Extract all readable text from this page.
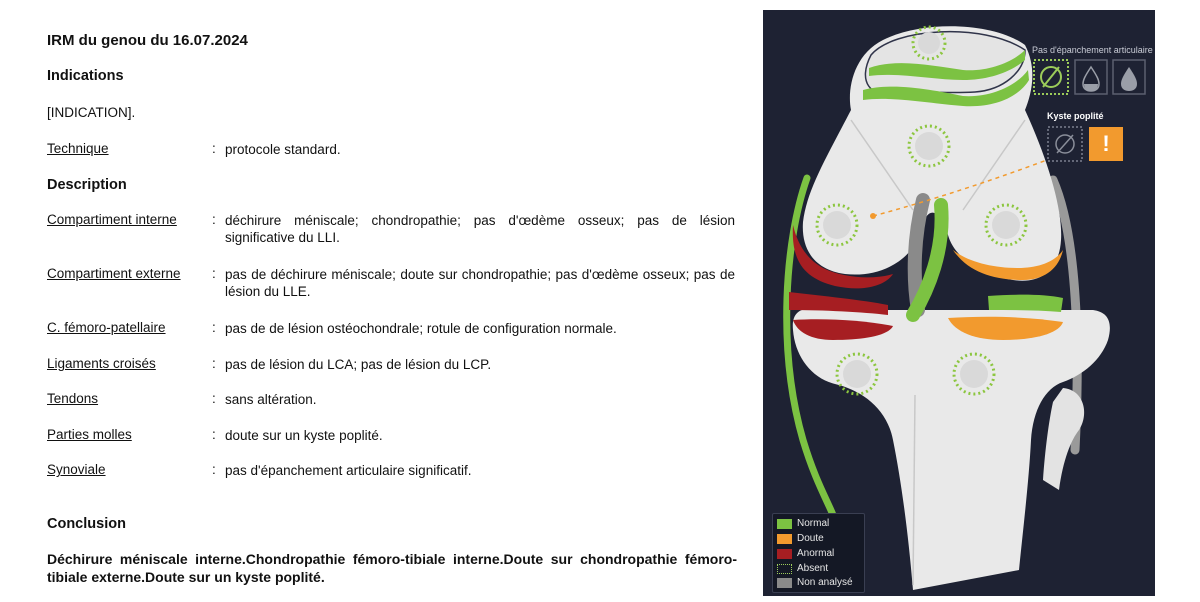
IRM du genou du 16.07.2024
Indications
[INDICATION].
Technique	: protocole standard.
Description
Compartiment interne	: déchirure méniscale; chondropathie; pas d'œdème osseux; pas de lésion significative du LLI.
Compartiment externe : pas de déchirure méniscale; doute sur chondropathie; pas d'œdème osseux; pas de lésion du LLE.
C. fémoro-patellaire	: pas de de lésion ostéochondrale; rotule de configuration normale.
Ligaments croisés	: pas de lésion du LCA; pas de lésion du LCP.
Tendons	: sans altération.
Parties molles	: doute sur un kyste poplité.
Synoviale	: pas d'épanchement articulaire significatif.
Conclusion
Déchirure méniscale interne.Chondropathie fémoro-tibiale interne.Doute sur chondropathie fémoro-tibiale externe.Doute sur un kyste poplité.
Pas d'épanchement articulaire
Kyste poplité
!
Normal
Doute
Anormal
Absent
Non analysé
